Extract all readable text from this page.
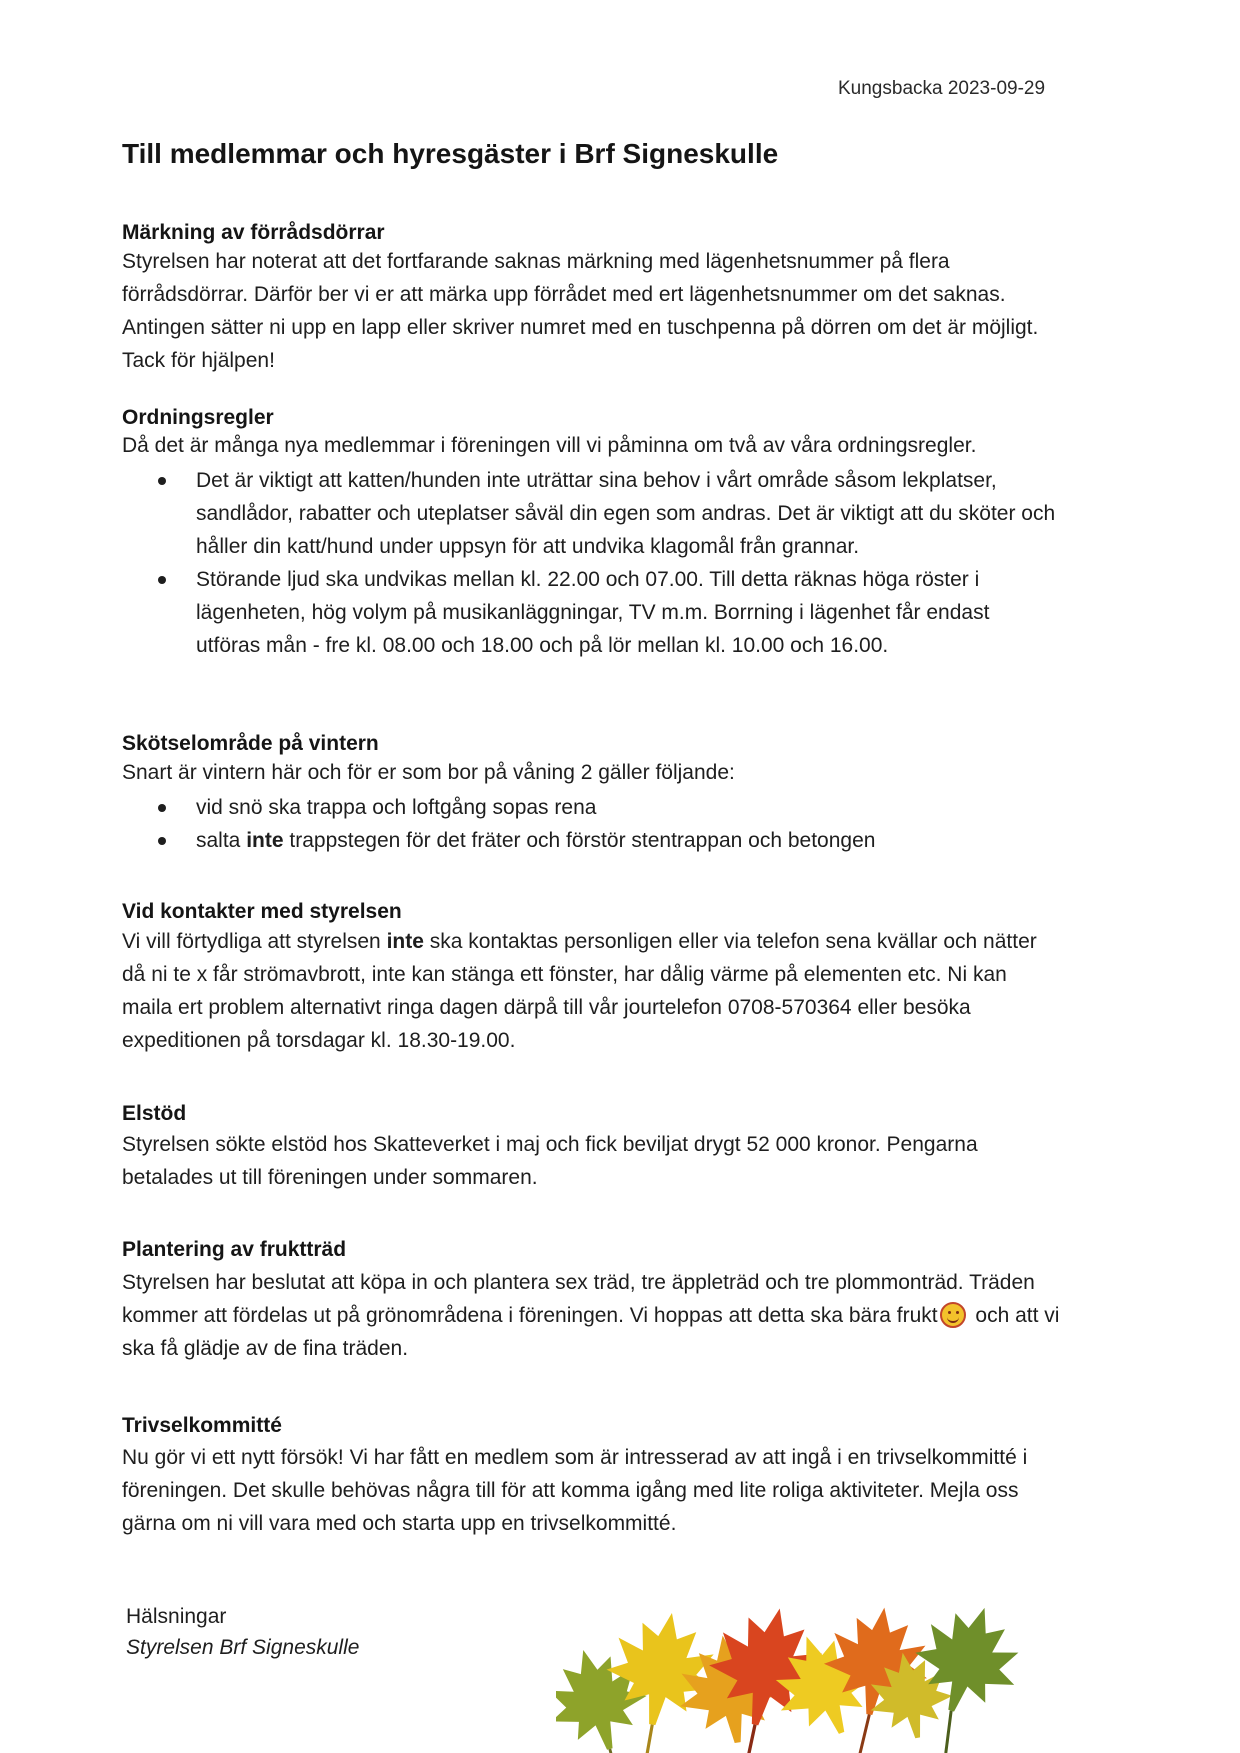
Kungsbacka 2023-09-29
Till medlemmar och hyresgäster i Brf Signeskulle
Märkning av förrådsdörrar
Styrelsen har noterat att det fortfarande saknas märkning med lägenhetsnummer på flera förrådsdörrar. Därför ber vi er att märka upp förrådet med ert lägenhetsnummer om det saknas. Antingen sätter ni upp en lapp eller skriver numret med en tuschpenna på dörren om det är möjligt. Tack för hjälpen!
Ordningsregler
Då det är många nya medlemmar i föreningen vill vi påminna om två av våra ordningsregler.
Det är viktigt att katten/hunden inte uträttar sina behov i vårt område såsom lekplatser, sandlådor, rabatter och uteplatser såväl din egen som andras. Det är viktigt att du sköter och håller din katt/hund under uppsyn för att undvika klagomål från grannar.
Störande ljud ska undvikas mellan kl. 22.00 och 07.00. Till detta räknas höga röster i lägenheten, hög volym på musikanläggningar, TV m.m. Borrning i lägenhet får endast utföras mån - fre kl. 08.00 och 18.00 och på lör mellan kl. 10.00 och 16.00.
Skötselområde på vintern
Snart är vintern här och för er som bor på våning 2 gäller följande:
vid snö ska trappa och loftgång sopas rena
salta inte trappstegen för det fräter och förstör stentrappan och betongen
Vid kontakter med styrelsen
Vi vill förtydliga att styrelsen inte ska kontaktas personligen eller via telefon sena kvällar och nätter då ni te x får strömavbrott, inte kan stänga ett fönster, har dålig värme på elementen etc. Ni kan maila ert problem alternativt ringa dagen därpå till vår jourtelefon 0708-570364 eller besöka expeditionen på torsdagar kl. 18.30-19.00.
Elstöd
Styrelsen sökte elstöd hos Skatteverket i maj och fick beviljat drygt 52 000 kronor. Pengarna betalades ut till föreningen under sommaren.
Plantering av fruktträd
Styrelsen har beslutat att köpa in och plantera sex träd, tre äppleträd och tre plommonträd. Träden kommer att fördelas ut på grönområdena i föreningen. Vi hoppas att detta ska bära frukt och att vi ska få glädje av de fina träden.
Trivselkommitté
Nu gör vi ett nytt försök! Vi har fått en medlem som är intresserad av att ingå i en trivselkommitté i föreningen. Det skulle behövas några till för att komma igång med lite roliga aktiviteter. Mejla oss gärna om ni vill vara med och starta upp en trivselkommitté.
Hälsningar
Styrelsen Brf Signeskulle
